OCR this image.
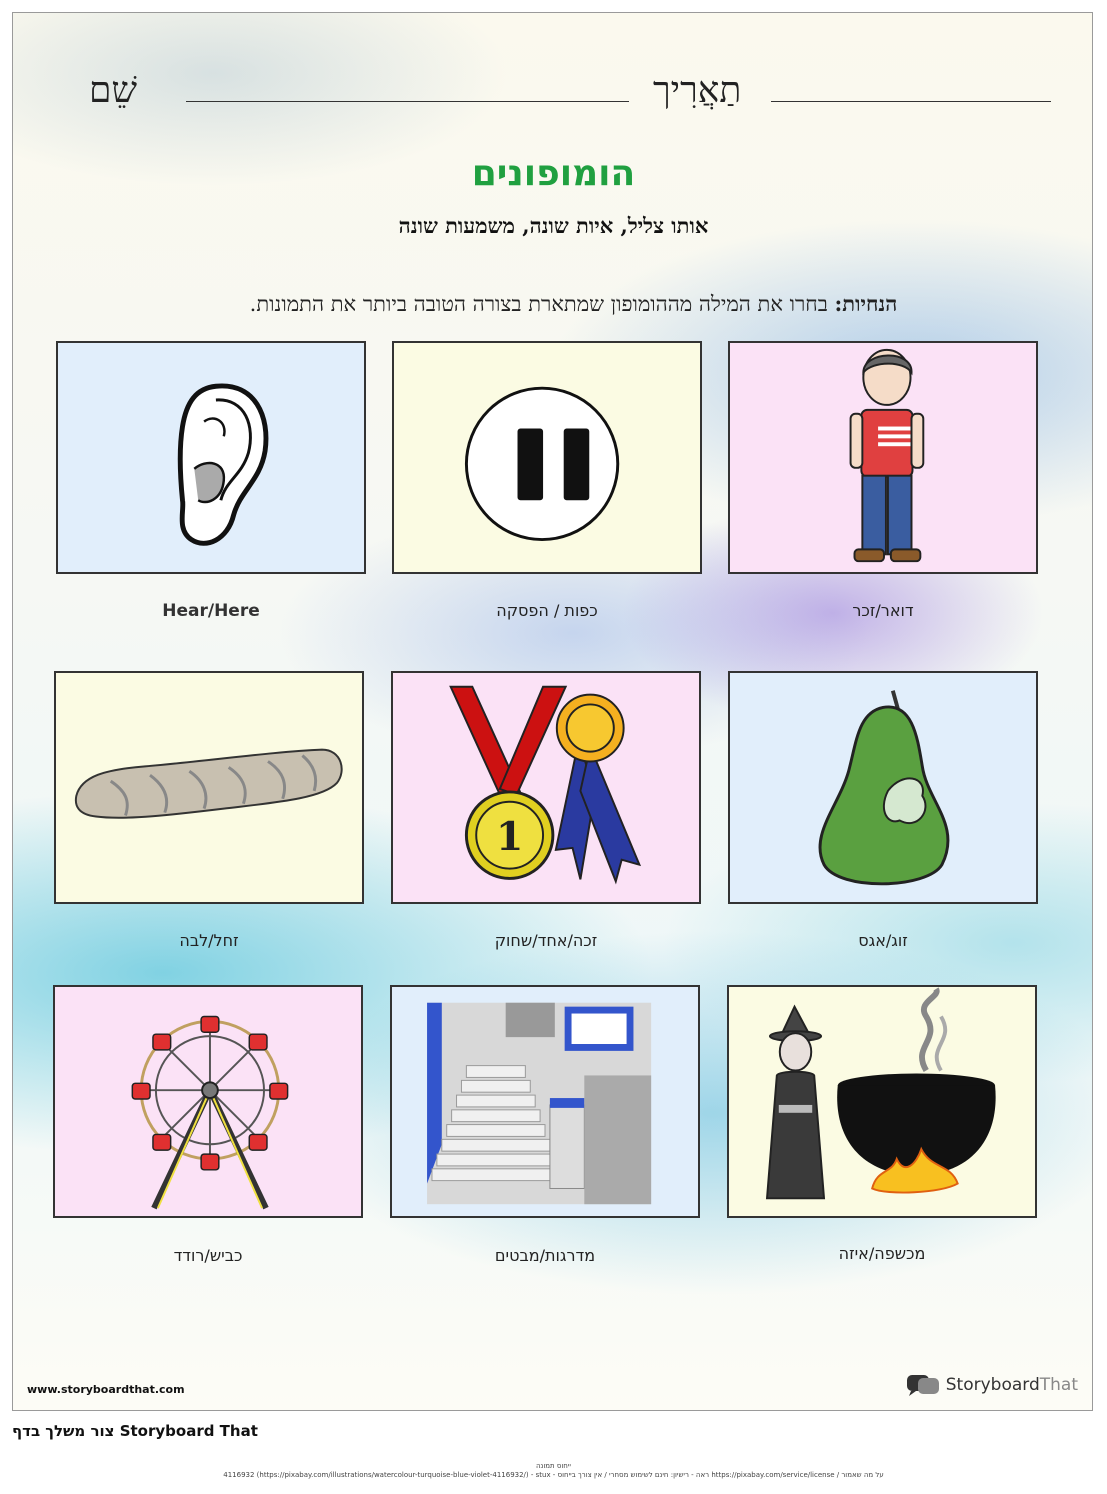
שֵׁם	תַאֲרִיך
הומופונים
אותו צליל, איות שונה, משמעות שונה
הנחיות: בחרו את המילה מההומופון שמתארת בצורה הטובה ביותר את התמונות.
Hear/Here	כפות / הפסקה	דואר/זכר
1
זחל/לבה	זכה/אחד/שחוק	זוג/אגס
כביש/רודד	מדרגות/מבטים	מכשפה/איזה
www.storyboardthat.com	StoryboardThat
צור משלך בדף Storyboard That
ייחוס תמונה
4116932 (https://pixabay.com/illustrations/watercolour-turquoise-blue-violet-4116932/) - stux - ראה - רישיון: חינם לשימוש מסחרי / אין צורך בייחוס https://pixabay.com/service/license / על מה שאמור
